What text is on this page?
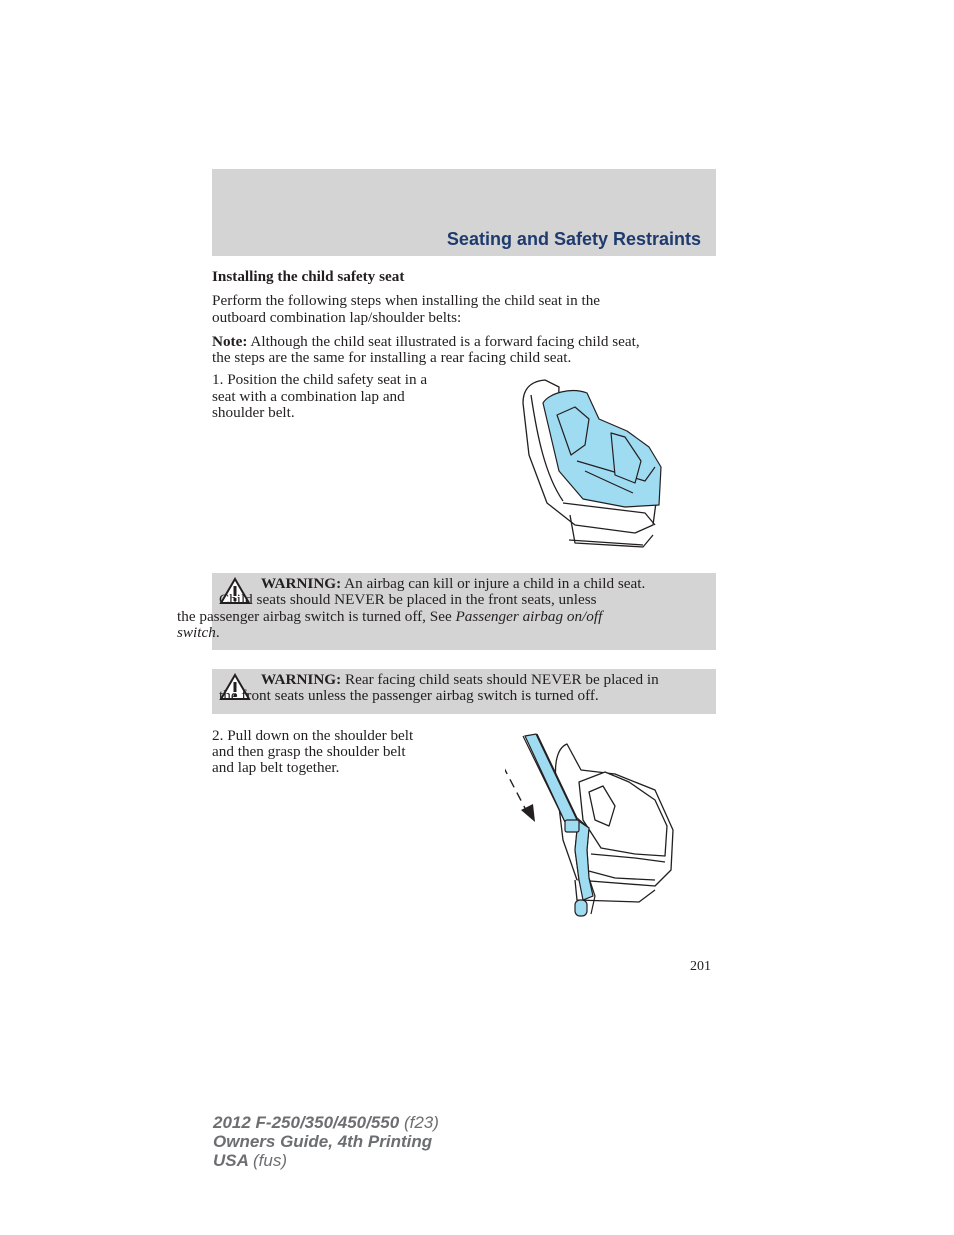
Seating and Safety Restraints
Installing the child safety seat
Perform the following steps when installing the child seat in the
outboard combination lap/shoulder belts:
Note: Although the child seat illustrated is a forward facing child seat,
the steps are the same for installing a rear facing child seat.
1. Position the child safety seat in a
seat with a combination lap and
shoulder belt.
WARNING: An airbag can kill or injure a child in a child seat.
Child seats should NEVER be placed in the front seats, unless
the passenger airbag switch is turned off, See Passenger airbag on/off
switch.
WARNING: Rear facing child seats should NEVER be placed in
the front seats unless the passenger airbag switch is turned off.
2. Pull down on the shoulder belt
and then grasp the shoulder belt
and lap belt together.
201
2012 F-250/350/450/550 (f23)
Owners Guide, 4th Printing
USA (fus)
